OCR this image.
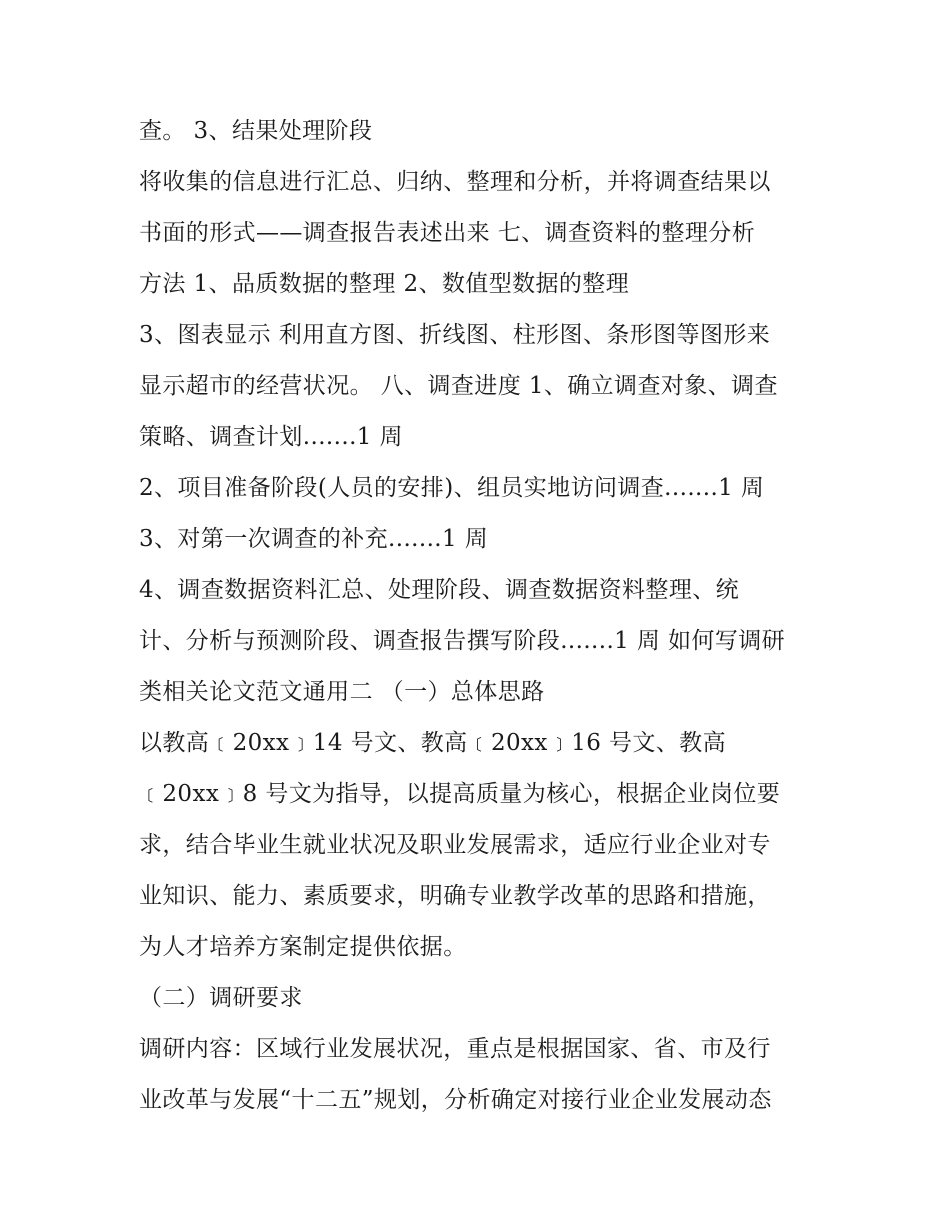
查。 3、结果处理阶段
将收集的信息进行汇总、归纳、整理和分析，并将调查结果以
书面的形式——调查报告表述出来 七、调查资料的整理分析
方法 1、品质数据的整理 2、数值型数据的整理
3、图表显示 利用直方图、折线图、柱形图、条形图等图形来
显示超市的经营状况。 八、调查进度 1、确立调查对象、调查
策略、调查计划.......1 周
2、项目准备阶段(人员的安排)、组员实地访问调查.......1 周
3、对第一次调查的补充.......1 周
4、调查数据资料汇总、处理阶段、调查数据资料整理、统
计、分析与预测阶段、调查报告撰写阶段.......1 周 如何写调研
类相关论文范文通用二 （一）总体思路
以教高﹝20xx﹞14 号文、教高﹝20xx﹞16 号文、教高
﹝20xx﹞8 号文为指导，以提高质量为核心，根据企业岗位要
求，结合毕业生就业状况及职业发展需求，适应行业企业对专
业知识、能力、素质要求，明确专业教学改革的思路和措施，
为人才培养方案制定提供依据。
（二）调研要求
调研内容：区域行业发展状况，重点是根据国家、省、市及行
业改革与发展“十二五”规划，分析确定对接行业企业发展动态
